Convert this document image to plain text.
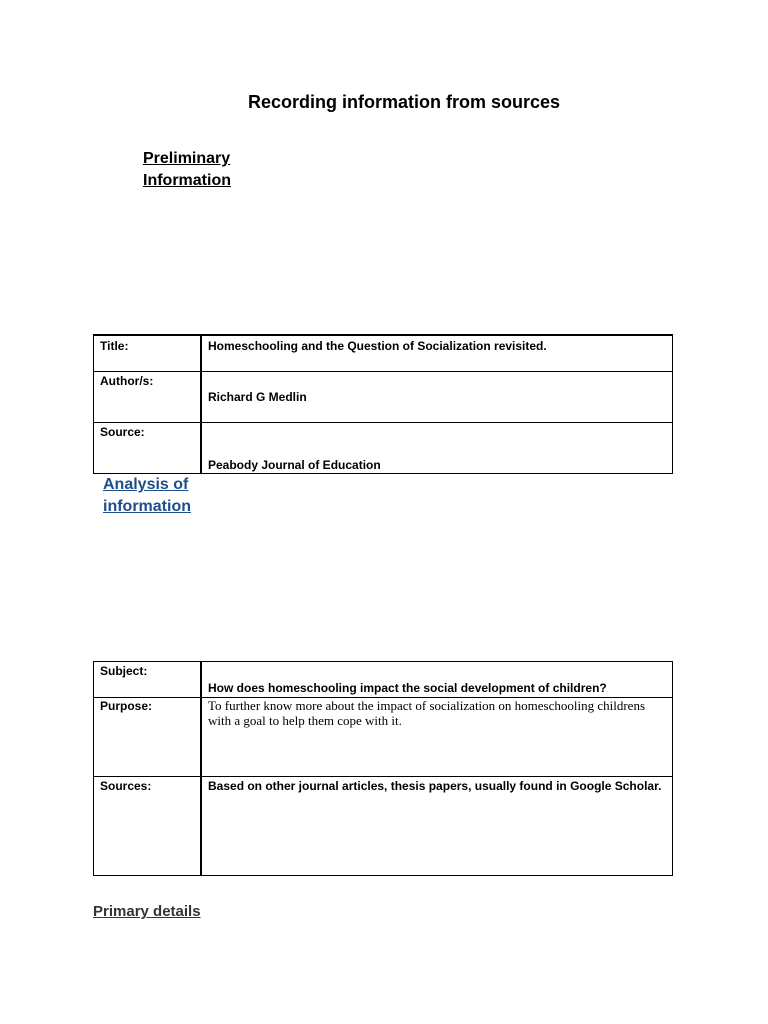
Recording information from sources
Preliminary
Information
Title:	Homeschooling and the Question of Socialization revisited.
Author/s:	Richard G Medlin

Source:	Peabody Journal of Education
Analysis of
information
Subject:	How does homeschooling impact the social development of children?

Purpose:	To further know more about the impact of socialization on homeschooling childrens with a goal to help them cope with it.
Sources:	Based on other journal articles, thesis papers, usually found in Google Scholar.
Primary details
